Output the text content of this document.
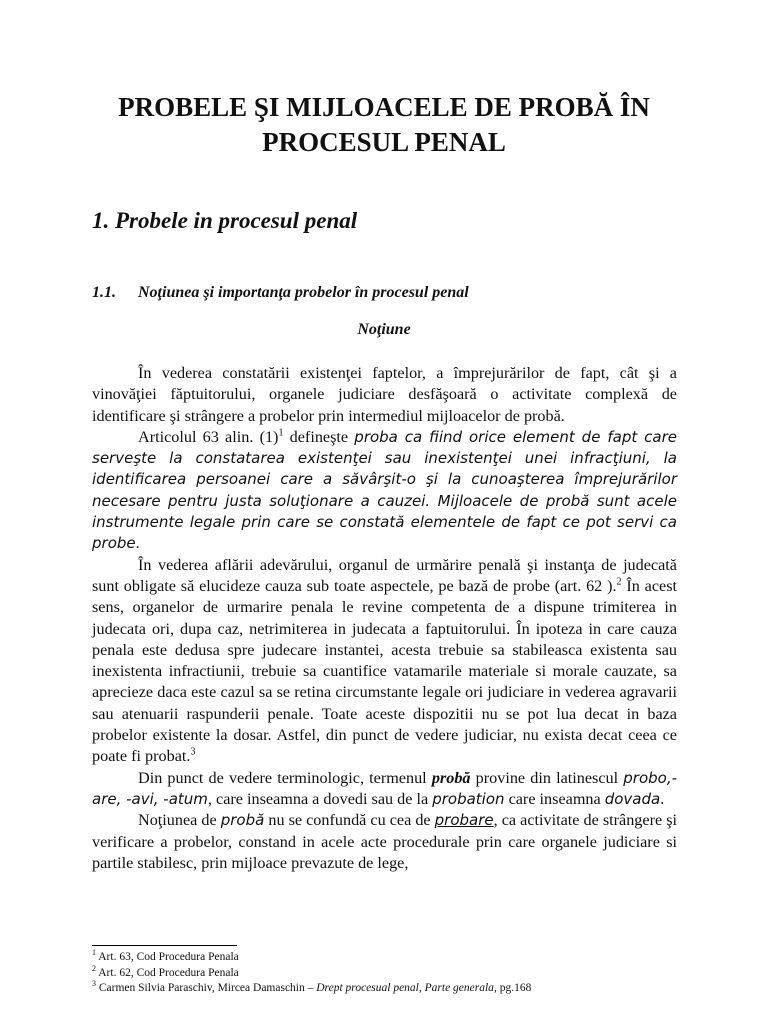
PROBELE ŞI MIJLOACELE DE PROBĂ ÎN
PROCESUL PENAL
1. Probele in procesul penal
1.1. Noţiunea şi importanţa probelor în procesul penal
Noţiune

În vederea constatării existenţei faptelor, a împrejurărilor de fapt, cât şi a vinovăţiei făptuitorului, organele judiciare desfăşoară o activitate complexă de identificare şi strângere a probelor prin intermediul mijloacelor de probă.

Articolul 63 alin. $(1)^1$ defineşte proba ca fiind orice element de fapt care serveşte la constatarea existenţei sau inexistenţei unei infracţiuni, la identificarea persoanei care a săvârşit-o şi la cunoaşterea împrejurărilor necesare pentru justa soluţionare a cauzei. Mijloacele de probă sunt acele instrumente legale prin care se constată elementele de fapt ce pot servi ca probe.

În vederea aflării adevărului, organul de urmărire penală şi instanţa de judecată sunt obligate să elucideze cauza sub toate aspectele, pe bază de probe (art. 62 ).$^2$ În acest sens, organelor de urmarire penala le revine competenta de a dispune trimiterea in judecata ori, dupa caz, netrimiterea in judecata a faptuitorului. În ipoteza in care cauza penala este dedusa spre judecare instantei, acesta trebuie sa stabileasca existenta sau inexistenta infractiunii, trebuie sa cuantifice vatamarile materiale si morale cauzate, sa aprecieze daca este cazul sa se retina circumstante legale ori judiciare in vederea agravarii sau atenuarii raspunderii penale. Toate aceste dispozitii nu se pot lua decat in baza probelor existente la dosar. Astfel, din punct de vedere judiciar, nu exista decat ceea ce poate fi probat.$^3$

Din punct de vedere terminologic, termenul probă provine din latinescul probo,- are, -avi, -atum, care inseamna a dovedi sau de la probation care inseamna dovada.

Noţiunea de probă nu se confundă cu cea de probare, ca activitate de strângere şi verificare a probelor, constand in acele acte procedurale prin care organele judiciare si partile stabilesc, prin mijloace prevazute de lege,

$^1$ Art. 63, Cod Procedura Penala
$^2$ Art. 62, Cod Procedura Penala
$^3$ Carmen Silvia Paraschiv, Mircea Damaschin – Drept procesual penal, Parte generala, pg.168
